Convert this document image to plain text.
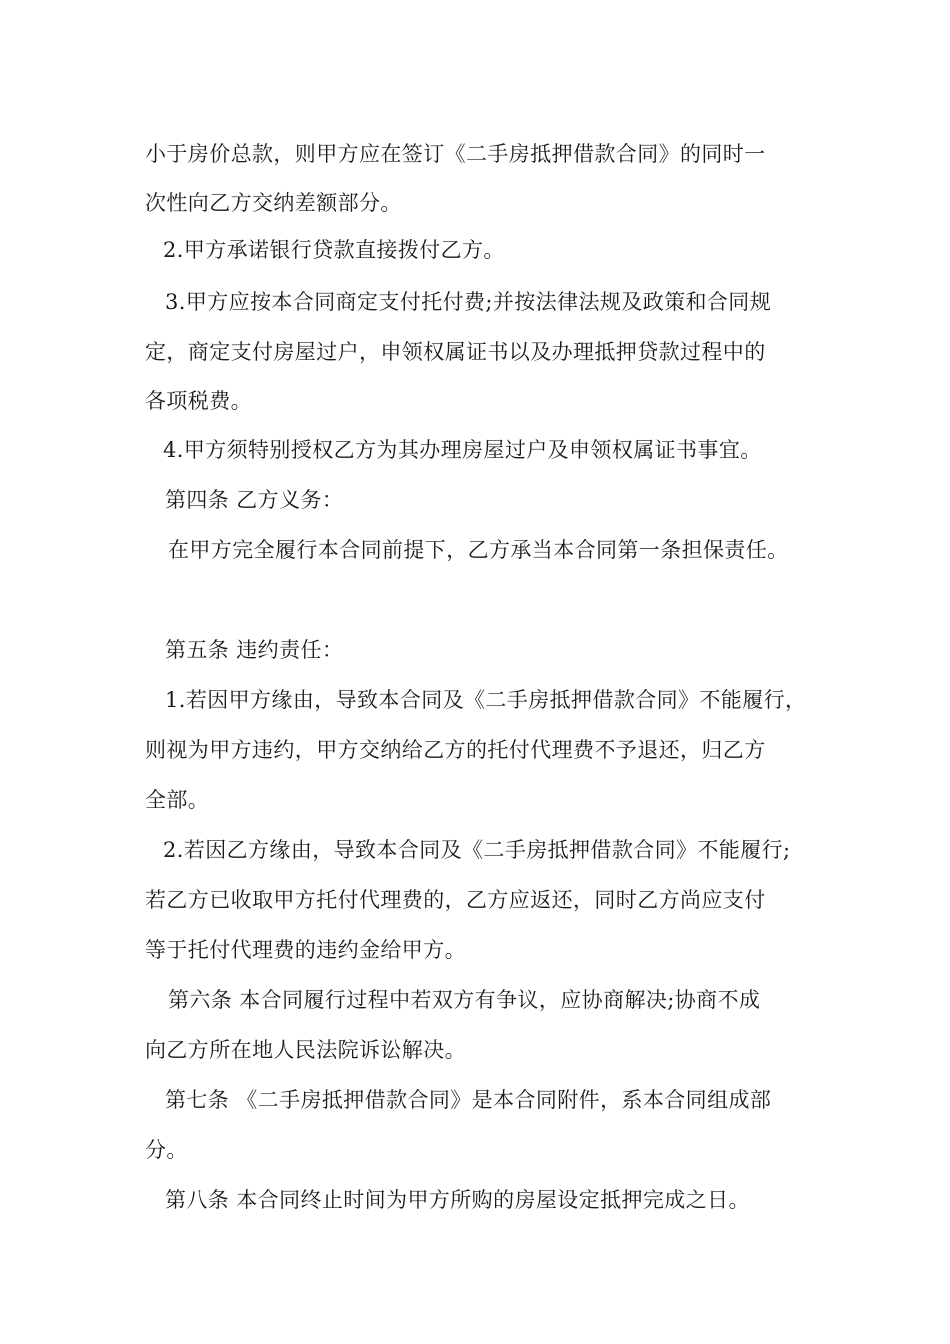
小于房价总款，则甲方应在签订《二手房抵押借款合同》的同时一
次性向乙方交纳差额部分。
2.甲方承诺银行贷款直接拨付乙方。
3.甲方应按本合同商定支付托付费;并按法律法规及政策和合同规
定，商定支付房屋过户，申领权属证书以及办理抵押贷款过程中的
各项税费。
4.甲方须特别授权乙方为其办理房屋过户及申领权属证书事宜。
第四条 乙方义务：
在甲方完全履行本合同前提下，乙方承当本合同第一条担保责任。
第五条 违约责任：
1.若因甲方缘由，导致本合同及《二手房抵押借款合同》不能履行，
则视为甲方违约，甲方交纳给乙方的托付代理费不予退还，归乙方
全部。
2.若因乙方缘由，导致本合同及《二手房抵押借款合同》不能履行;
若乙方已收取甲方托付代理费的，乙方应返还，同时乙方尚应支付
等于托付代理费的违约金给甲方。
第六条 本合同履行过程中若双方有争议，应协商解决;协商不成
向乙方所在地人民法院诉讼解决。
第七条 《二手房抵押借款合同》是本合同附件，系本合同组成部
分。
第八条 本合同终止时间为甲方所购的房屋设定抵押完成之日。
